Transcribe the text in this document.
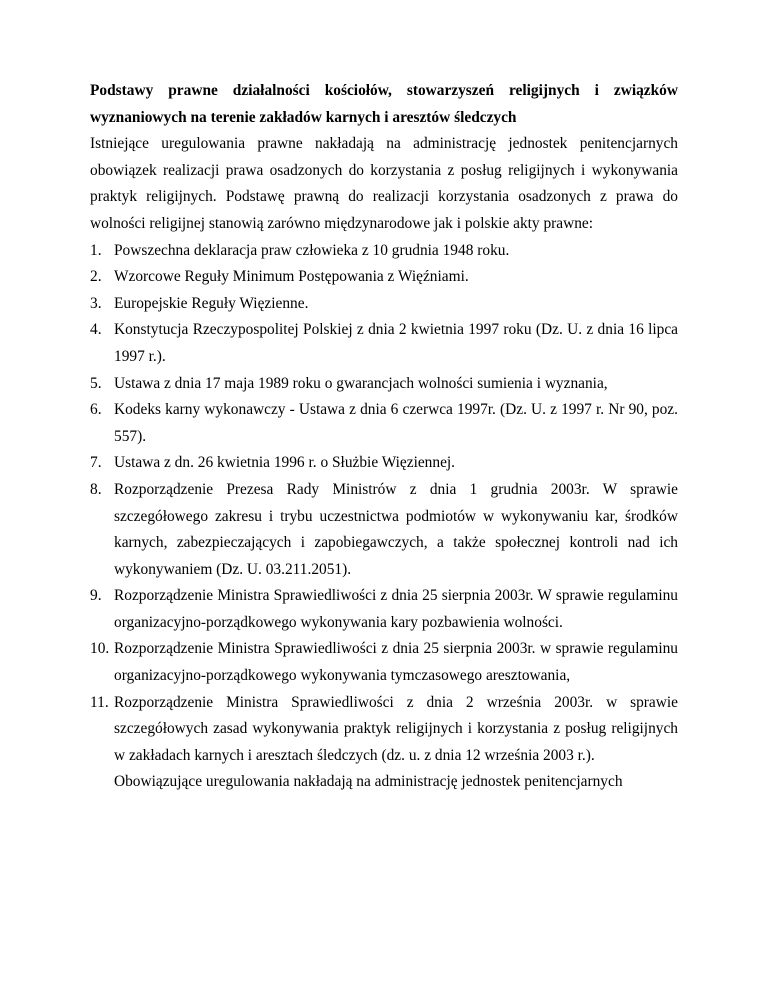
Podstawy prawne działalności kościołów, stowarzyszeń religijnych i związków wyznaniowych na terenie zakładów karnych i aresztów śledczych

Istniejące uregulowania prawne nakładają na administrację jednostek penitencjarnych obowiązek realizacji prawa osadzonych do korzystania z posług religijnych i wykonywania praktyk religijnych. Podstawę prawną do realizacji korzystania osadzonych z prawa do wolności religijnej stanowią zarówno międzynarodowe jak i polskie akty prawne:

1. Powszechna deklaracja praw człowieka z 10 grudnia 1948 roku.
2. Wzorcowe Reguły Minimum Postępowania z Więźniami.
3. Europejskie Reguły Więzienne.
4. Konstytucja Rzeczypospolitej Polskiej z dnia 2 kwietnia 1997 roku (Dz. U. z dnia 16 lipca 1997 r.).
5. Ustawa z dnia 17 maja 1989 roku o gwarancjach wolności sumienia i wyznania,
6. Kodeks karny wykonawczy - Ustawa z dnia 6 czerwca 1997r. (Dz. U. z 1997 r. Nr 90, poz. 557).
7. Ustawa z dn. 26 kwietnia 1996 r. o Służbie Więziennej.
8. Rozporządzenie Prezesa Rady Ministrów z dnia 1 grudnia 2003r. W sprawie szczegółowego zakresu i trybu uczestnictwa podmiotów w wykonywaniu kar, środków karnych, zabezpieczających i zapobiegawczych, a także społecznej kontroli nad ich wykonywaniem (Dz. U. 03.211.2051).
9. Rozporządzenie Ministra Sprawiedliwości z dnia 25 sierpnia 2003r. W sprawie regulaminu organizacyjno-porządkowego wykonywania kary pozbawienia wolności.
10. Rozporządzenie Ministra Sprawiedliwości z dnia 25 sierpnia 2003r. w sprawie regulaminu organizacyjno-porządkowego wykonywania tymczasowego aresztowania,
11. Rozporządzenie Ministra Sprawiedliwości z dnia 2 września 2003r. w sprawie szczegółowych zasad wykonywania praktyk religijnych i korzystania z posług religijnych w zakładach karnych i aresztach śledczych (dz. u. z dnia 12 września 2003 r.).

Obowiązujące uregulowania nakładają na administrację jednostek penitencjarnych
